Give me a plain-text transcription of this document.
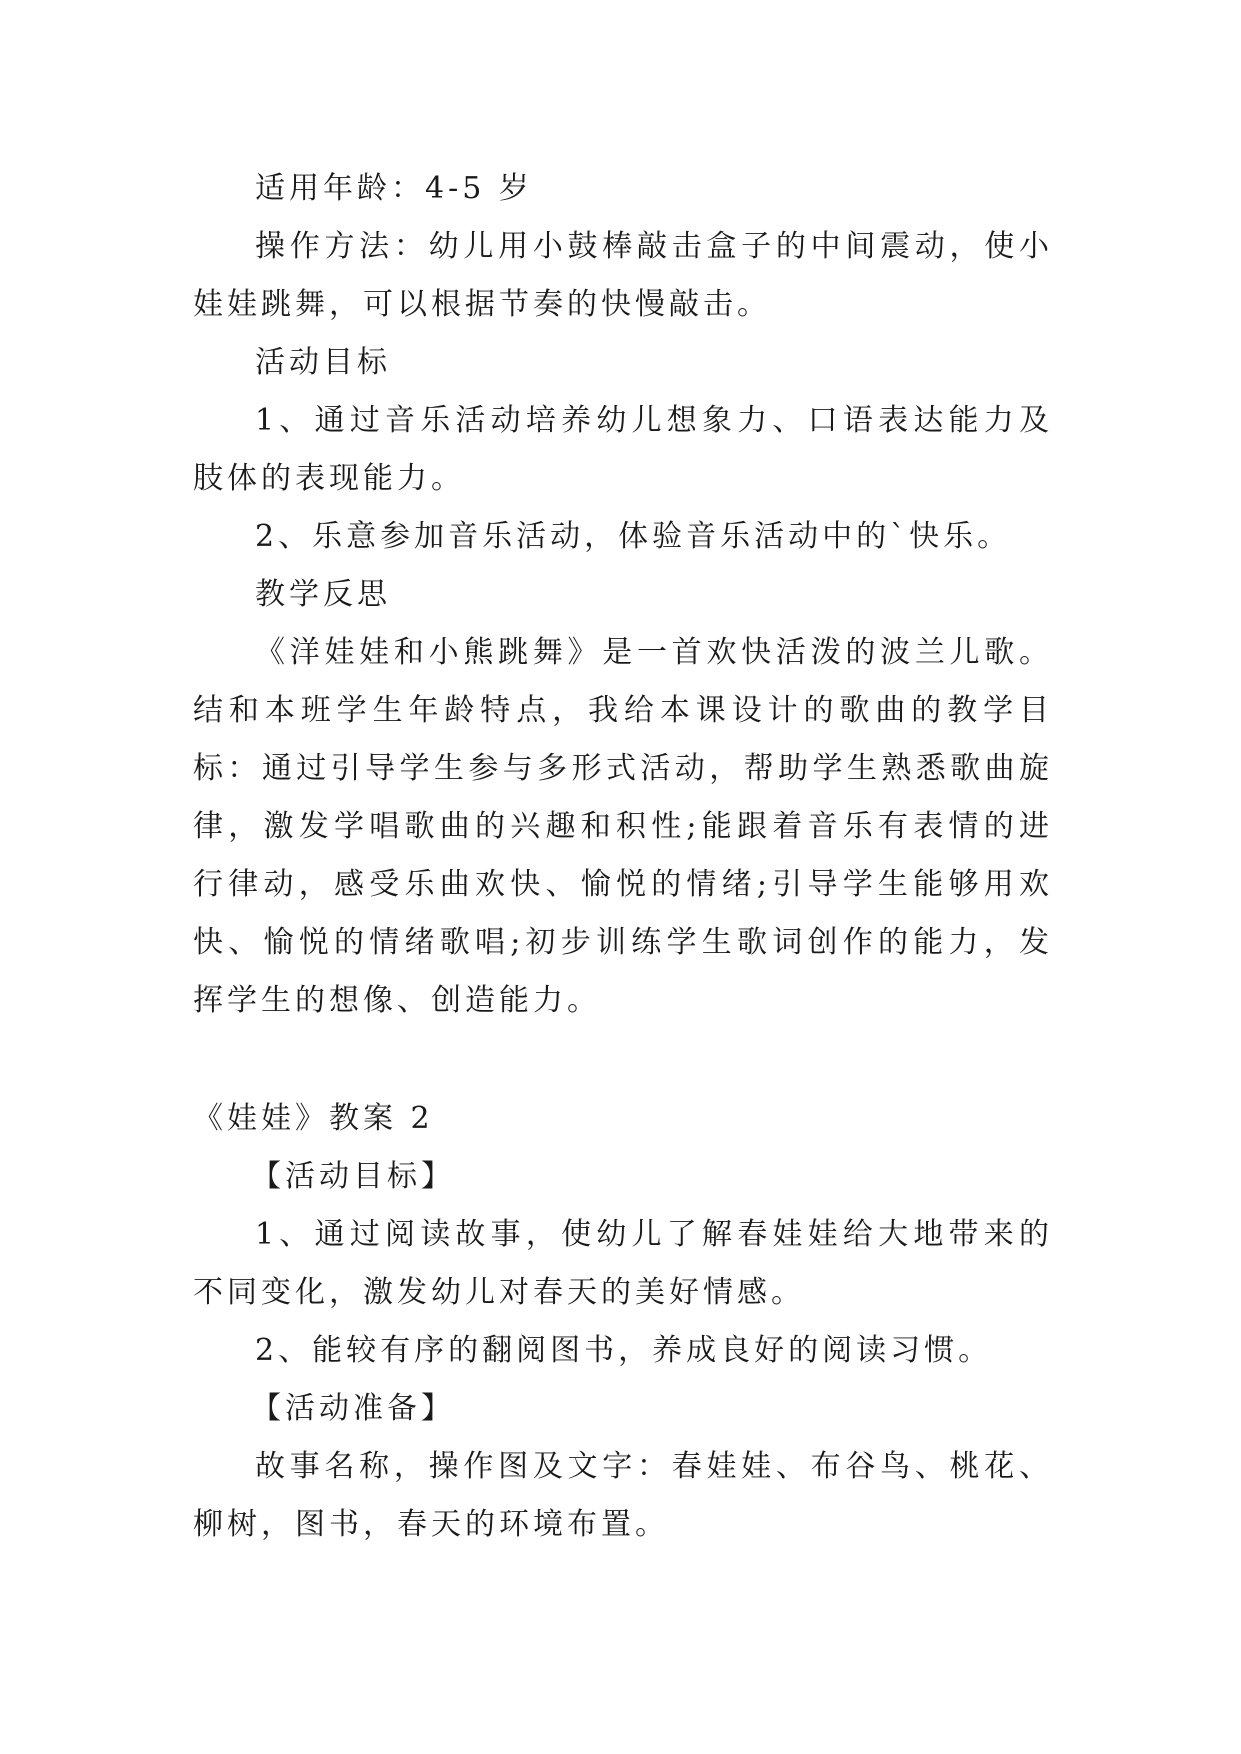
适用年龄：4-5 岁

操作方法：幼儿用小鼓棒敲击盒子的中间震动，使小娃娃跳舞，可以根据节奏的快慢敲击。

活动目标

1、通过音乐活动培养幼儿想象力、口语表达能力及肢体的表现能力。

2、乐意参加音乐活动，体验音乐活动中的`快乐。

教学反思

《洋娃娃和小熊跳舞》是一首欢快活泼的波兰儿歌。结和本班学生年龄特点，我给本课设计的歌曲的教学目标：通过引导学生参与多形式活动，帮助学生熟悉歌曲旋律，激发学唱歌曲的兴趣和积性;能跟着音乐有表情的进行律动，感受乐曲欢快、愉悦的情绪;引导学生能够用欢快、愉悦的情绪歌唱;初步训练学生歌词创作的能力，发挥学生的想像、创造能力。

《娃娃》教案 2

【活动目标】

1、通过阅读故事，使幼儿了解春娃娃给大地带来的不同变化，激发幼儿对春天的美好情感。

2、能较有序的翻阅图书，养成良好的阅读习惯。

【活动准备】

故事名称，操作图及文字：春娃娃、布谷鸟、桃花、柳树，图书，春天的环境布置。
